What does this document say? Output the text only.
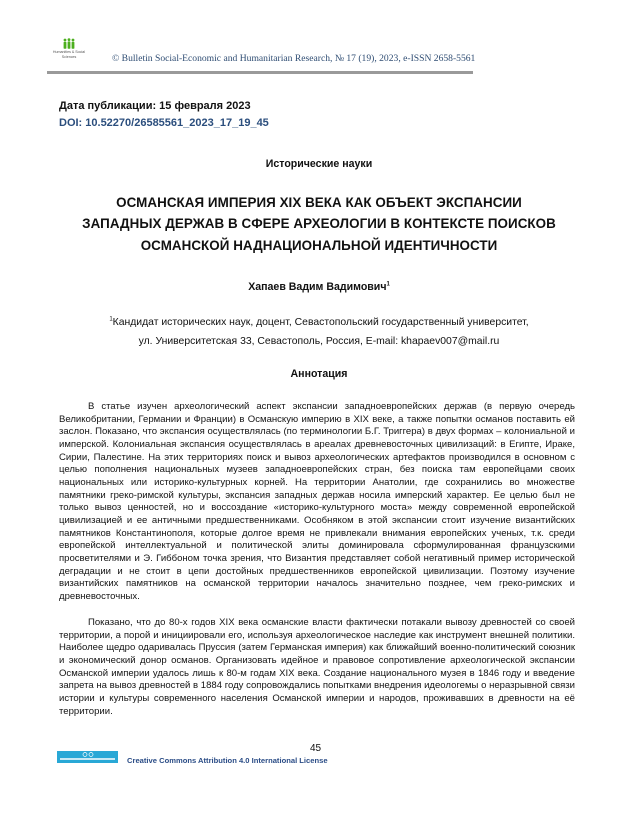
Humanities & Social
Sciences	© Bulletin Social-Economic and Humanitarian Research, № 17 (19), 2023, e-ISSN 2658-5561
Дата публикации: 15 февраля 2023
DOI: 10.52270/26585561_2023_17_19_45
Исторические науки
ОСМАНСКАЯ ИМПЕРИЯ XIX ВЕКА КАК ОБЪЕКТ ЭКСПАНСИИ
ЗАПАДНЫХ ДЕРЖАВ В СФЕРЕ АРХЕОЛОГИИ В КОНТЕКСТЕ ПОИСКОВ
ОСМАНСКОЙ НАДНАЦИОНАЛЬНОЙ ИДЕНТИЧНОСТИ
Хапаев Вадим Вадимович$^1$
$^1$Кандидат исторических наук, доцент, Севастопольский государственный университет,
ул. Университетская 33, Севастополь, Россия, E-mail: khapaev007@mail.ru
Аннотация

В статье изучен археологический аспект экспансии западноевропейских держав (в первую очередь Великобритании, Германии и Франции) в Османскую империю в XIX веке, а также попытки османов поставить ей заслон. Показано, что экспансия осуществлялась (по терминологии Б.Г. Триггера) в двух формах – колониальной и имперской. Колониальная экспансия осуществлялась в ареалах древневосточных цивилизаций: в Египте, Ираке, Сирии, Палестине. На этих территориях поиск и вывоз археологических артефактов производился в основном с целью пополнения национальных музеев западноевропейских стран, без поиска там европейцами своих национальных или историко-культурных корней. На территории Анатолии, где сохранились во множестве памятники греко-римской культуры, экспансия западных держав носила имперский характер. Ее целью был не только вывоз ценностей, но и воссоздание «историко-культурного моста» между современной европейской цивилизацией и ее античными предшественниками. Особняком в этой экспансии стоит изучение византийских памятников Константинополя, которые долгое время не привлекали внимания европейских ученых, т.к. среди европейской интеллектуальной и политической элиты доминировала сформулированная французскими просветителями и Э. Гиббоном точка зрения, что Византия представляет собой негативный пример исторической деградации и не стоит в цепи достойных предшественников европейской цивилизации. Поэтому изучение византийских памятников на османской территории началось значительно позднее, чем греко-римских и древневосточных.

Показано, что до 80-х годов XIX века османские власти фактически потакали вывозу древностей со своей территории, а порой и инициировали его, используя археологическое наследие как инструмент внешней политики. Наиболее щедро одаривалась Пруссия (затем Германская империя) как ближайший военно-политический союзник и экономический донор османов. Организовать идейное и правовое сопротивление археологической экспансии Османской империи удалось лишь к 80-м годам XIX века. Создание национального музея в 1846 году и введение запрета на вывоз древностей в 1884 году сопровождались попытками внедрения идеологемы о неразрывной связи истории и культуры современного населения Османской империи и народов, проживавших в древности на её территории.

45
Creative Commons Attribution 4.0 International License
